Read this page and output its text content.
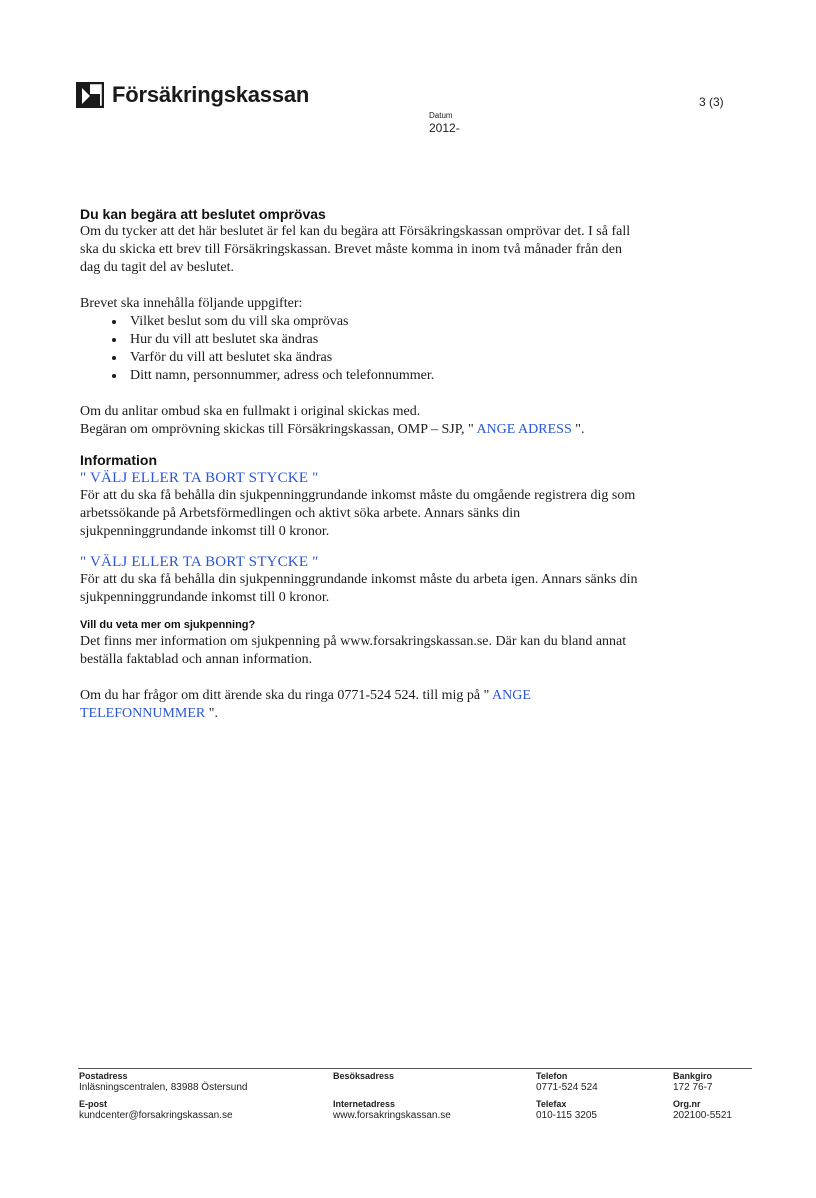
Försäkringskassan	3 (3)
Datum
2012-
Du kan begära att beslutet omprövas

Om du tycker att det här beslutet är fel kan du begära att Försäkringskassan omprövar det. I så fall ska du skicka ett brev till Försäkringskassan. Brevet måste komma in inom två månader från den dag du tagit del av beslutet.

Brevet ska innehålla följande uppgifter:

• Vilket beslut som du vill ska omprövas
• Hur du vill att beslutet ska ändras
• Varför du vill att beslutet ska ändras
• Ditt namn, personnummer, adress och telefonnummer.

Om du anlitar ombud ska en fullmakt i original skickas med.

Begäran om omprövning skickas till Försäkringskassan, OMP – SJP, " ANGE ADRESS ".

Information

" VÄLJ ELLER TA BORT STYCKE "

För att du ska få behålla din sjukpenninggrundande inkomst måste du omgående registrera dig som arbetssökande på Arbetsförmedlingen och aktivt söka arbete. Annars sänks din sjukpenninggrundande inkomst till 0 kronor.

" VÄLJ ELLER TA BORT STYCKE "

För att du ska få behålla din sjukpenninggrundande inkomst måste du arbeta igen. Annars sänks din sjukpenninggrundande inkomst till 0 kronor.

Vill du veta mer om sjukpenning?

Det finns mer information om sjukpenning på www.forsakringskassan.se. Där kan du bland annat beställa faktablad och annan information.

Om du har frågor om ditt ärende ska du ringa 0771-524 524. till mig på " ANGE TELEFONNUMMER ".

Postadress
Inläsningscentralen, 83988 Östersund
E-post
kundcenter@forsakringskassan.se
Besöksadress

Internetadress
www.forsakringskassan.se
Telefon
0771-524 524
Telefax
010-115 3205
Bankgiro
172 76-7
Org.nr
202100-5521
